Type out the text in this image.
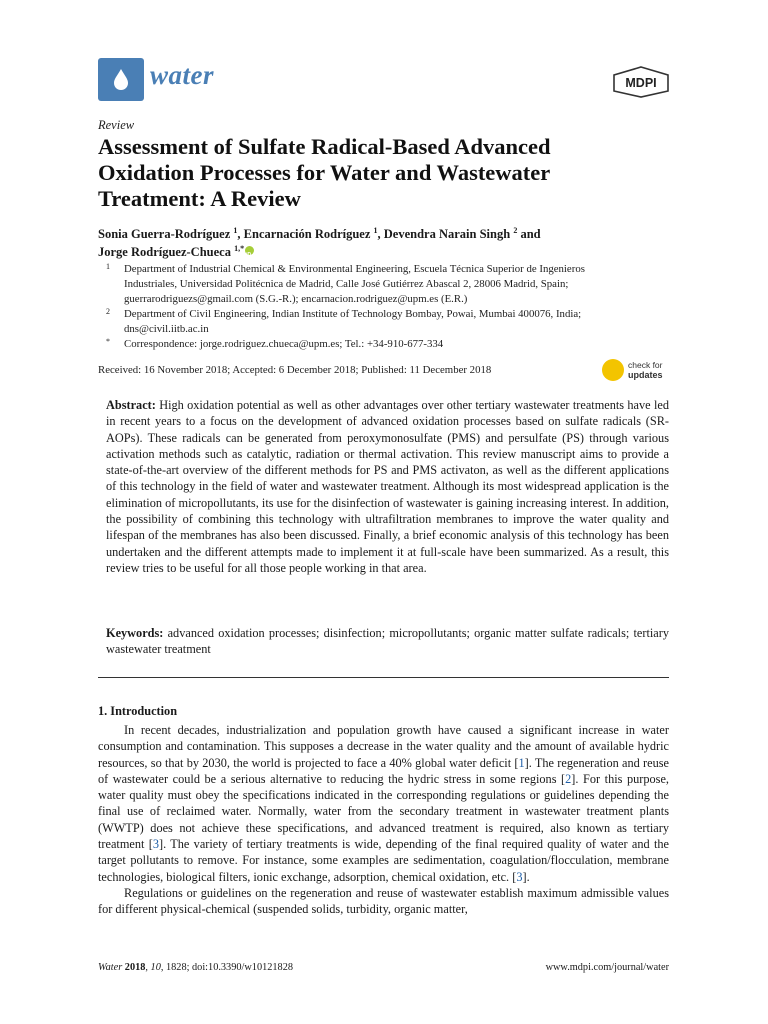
water	MDPI
Review
Assessment of Sulfate Radical-Based Advanced
Oxidation Processes for Water and Wastewater
Treatment: A Review
Sonia Guerra-Rodríguez $^1$, Encarnación Rodríguez $^1$, Devendra Narain Singh $^2$ and
Jorge Rodríguez-Chueca $^{1,*}$iD
1 Department of Industrial Chemical & Environmental Engineering, Escuela Técnica Superior de Ingenieros
Industriales, Universidad Politécnica de Madrid, Calle José Gutiérrez Abascal 2, 28006 Madrid, Spain;
guerrarodriguezs@gmail.com (S.G.-R.); encarnacion.rodriguez@upm.es (E.R.)
2 Department of Civil Engineering, Indian Institute of Technology Bombay, Powai, Mumbai 400076, India;
dns@civil.iitb.ac.in
* Correspondence: jorge.rodriguez.chueca@upm.es; Tel.: +34-910-677-334
Received: 16 November 2018; Accepted: 6 December 2018; Published: 11 December 2018	check for
updates
Abstract: High oxidation potential as well as other advantages over other tertiary wastewater treatments have led in recent years to a focus on the development of advanced oxidation processes based on sulfate radicals (SR-AOPs). These radicals can be generated from peroxymonosulfate (PMS) and persulfate (PS) through various activation methods such as catalytic, radiation or thermal activation. This review manuscript aims to provide a state-of-the-art overview of the different methods for PS and PMS activaton, as well as the different applications of this technology in the field of water and wastewater treatment. Although its most widespread application is the elimination of micropollutants, its use for the disinfection of wastewater is gaining increasing interest. In addition, the possibility of combining this technology with ultrafiltration membranes to improve the water quality and lifespan of the membranes has also been discussed. Finally, a brief economic analysis of this technology has been undertaken and the different attempts made to implement it at full-scale have been summarized. As a result, this review tries to be useful for all those people working in that area.
Keywords: advanced oxidation processes; disinfection; micropollutants; organic matter sulfate radicals; tertiary wastewater treatment
1. Introduction

In recent decades, industrialization and population growth have caused a significant increase in water consumption and contamination. This supposes a decrease in the water quality and the amount of available hydric resources, so that by 2030, the world is projected to face a 40% global water deficit [1]. The regeneration and reuse of wastewater could be a serious alternative to reducing the hydric stress in some regions [2]. For this purpose, water quality must obey the specifications indicated in the corresponding regulations or guidelines depending the final use of reclaimed water. Normally, water from the secondary treatment in wastewater treatment plants (WWTP) does not achieve these specifications, and advanced treatment is required, also known as tertiary treatment [3]. The variety of tertiary treatments is wide, depending of the final required quality of water and the target pollutants to remove. For instance, some examples are sedimentation, coagulation/flocculation, membrane technologies, biological filters, ionic exchange, adsorption, chemical oxidation, etc. [3].

Regulations or guidelines on the regeneration and reuse of wastewater establish maximum admissible values for different physical-chemical (suspended solids, turbidity, organic matter,

Water 2018, 10, 1828; doi:10.3390/w10121828	www.mdpi.com/journal/water
